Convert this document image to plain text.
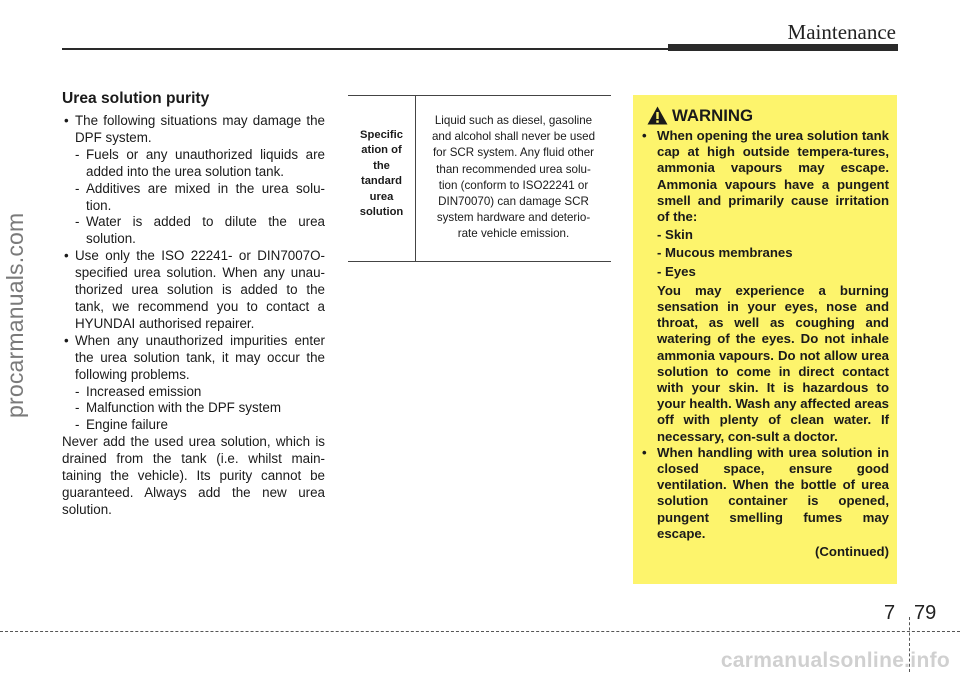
Maintenance
procarmanuals.com
Urea solution purity
• The following situations may damage the DPF system.
- Fuels or any unauthorized liquids are added into the urea solution tank.
- Additives are mixed in the urea solu-tion.
- Water is added to dilute the urea solution.
• Use only the ISO 22241- or DIN7007O-specified urea solution. When any unau-thorized urea solution is added to the tank, we recommend you to contact a HYUNDAI authorised repairer.
• When any unauthorized impurities enter the urea solution tank, it may occur the following problems.
- Increased emission
- Malfunction with the DPF system
- Engine failure
Never add the used urea solution, which is drained from the tank (i.e. whilst main-taining the vehicle). Its purity cannot be guaranteed. Always add the new urea solution.
Specific
ation of
the
tandard
urea
solution
Liquid such as diesel, gasoline
and alcohol shall never be used
for SCR system. Any fluid other
than recommended urea solu-
tion (conform to ISO22241 or
DIN70070) can damage SCR
system hardware and deterio-
rate vehicle emission.
WARNING
• When opening the urea solution tank cap at high outside tempera-tures, ammonia vapours may escape. Ammonia vapours have a pungent smell and primarily cause irritation of the:
- Skin
- Mucous membranes
- Eyes
You may experience a burning sensation in your eyes, nose and throat, as well as coughing and watering of the eyes. Do not inhale ammonia vapours. Do not allow urea solution to come in direct contact with your skin. It is hazardous to your health. Wash any affected areas off with plenty of clean water. If necessary, con-sult a doctor.
• When handling with urea solution in closed space, ensure good ventilation. When the bottle of urea solution container is opened, pungent smelling fumes may escape.
(Continued)
7 79
carmanualsonline.info
